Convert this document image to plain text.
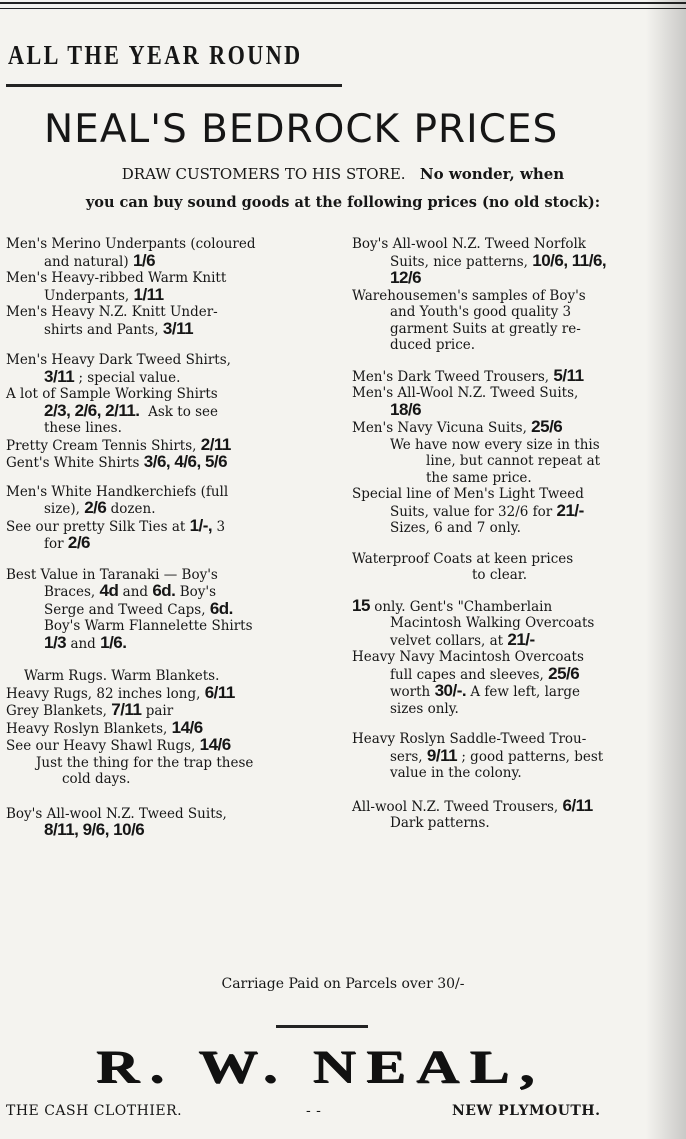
ALL THE YEAR ROUND
NEAL'S BEDROCK PRICES
DRAW CUSTOMERS TO HIS STORE. No wonder, when
you can buy sound goods at the following prices (no old stock):

Men's Merino Underpants (coloured

and natural) 1/6

Men's Heavy-ribbed Warm Knitt

Underpants, 1/11

Men's Heavy N.Z. Knitt Under-

shirts and Pants, 3/11

Men's Heavy Dark Tweed Shirts,

3/11 ; special value.

A lot of Sample Working Shirts

2/3, 2/6, 2/11. Ask to see

these lines.

Pretty Cream Tennis Shirts, 2/11

Gent's White Shirts 3/6, 4/6, 5/6

Men's White Handkerchiefs (full

size), 2/6 dozen.

See our pretty Silk Ties at 1/-, 3

for 2/6

Best Value in Taranaki — Boy's

Braces, 4d and 6d. Boy's

Serge and Tweed Caps, 6d.

Boy's Warm Flannelette Shirts

1/3 and 1/6.

Warm Rugs. Warm Blankets.

Heavy Rugs, 82 inches long, 6/11

Grey Blankets, 7/11 pair

Heavy Roslyn Blankets, 14/6

See our Heavy Shawl Rugs, 14/6

Just the thing for the trap these

cold days.

Boy's All-wool N.Z. Tweed Suits,

8/11, 9/6, 10/6

Boy's All-wool N.Z. Tweed Norfolk

Suits, nice patterns, 10/6, 11/6,

12/6

Warehousemen's samples of Boy's

and Youth's good quality 3

garment Suits at greatly re-

duced price.

Men's Dark Tweed Trousers, 5/11

Men's All-Wool N.Z. Tweed Suits,

18/6

Men's Navy Vicuna Suits, 25/6

We have now every size in this

line, but cannot repeat at

the same price.

Special line of Men's Light Tweed

Suits, value for 32/6 for 21/-

Sizes, 6 and 7 only.

Waterproof Coats at keen prices

to clear.

15 only. Gent's "Chamberlain

Macintosh Walking Overcoats

velvet collars, at 21/-

Heavy Navy Macintosh Overcoats

full capes and sleeves, 25/6

worth 30/-. A few left, large

sizes only.

Heavy Roslyn Saddle-Tweed Trou-

sers, 9/11 ; good patterns, best

value in the colony.

All-wool N.Z. Tweed Trousers, 6/11

Dark patterns.

Carriage Paid on Parcels over 30/-
R. W. NEAL,
THE CASH CLOTHIER.	- -	NEW PLYMOUTH.
